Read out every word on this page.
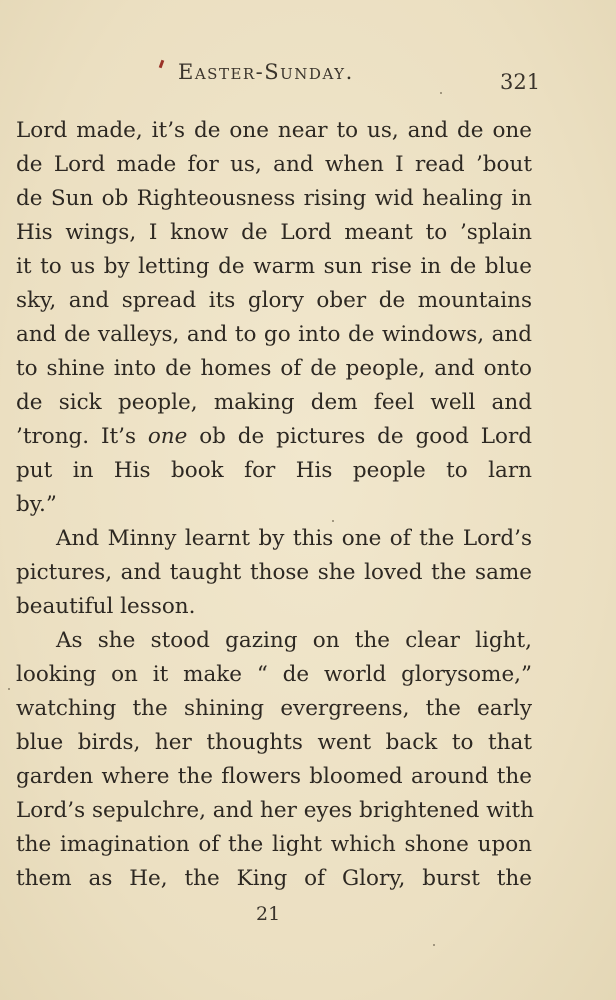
Easter-Sunday.	321
Lord made, it’s de one near to us, and de one
de Lord made for us, and when I read ’bout
de Sun ob Righteousness rising wid healing in
His wings, I know de Lord meant to ’splain
it to us by letting de warm sun rise in de blue
sky, and spread its glory ober de mountains
and de valleys, and to go into de windows, and
to shine into de homes of de people, and onto
de sick people, making dem feel well and
’trong. It’s one ob de pictures de good Lord
put in His book for His people to larn
by.”
And Minny learnt by this one of the Lord’s
pictures, and taught those she loved the same
beautiful lesson.
As she stood gazing on the clear light,
looking on it make “ de world glorysome,”
watching the shining evergreens, the early
blue birds, her thoughts went back to that
garden where the flowers bloomed around the
Lord’s sepulchre, and her eyes brightened with
the imagination of the light which shone upon
them as He, the King of Glory, burst the
21
